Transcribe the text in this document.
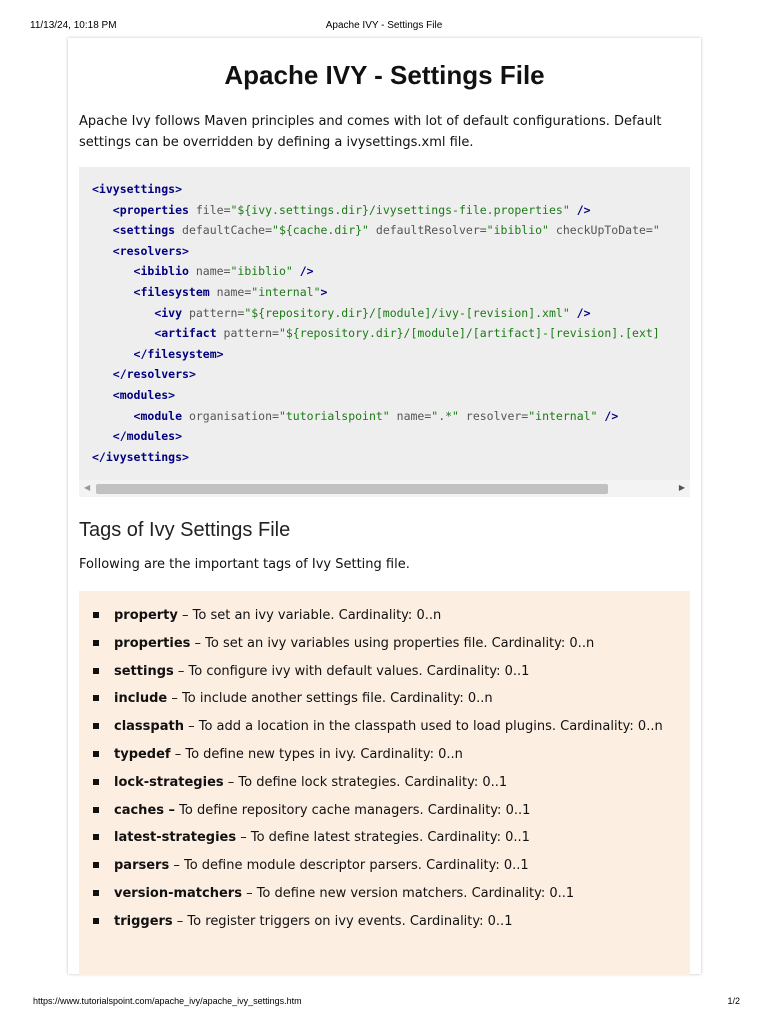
11/13/24, 10:18 PM	Apache IVY - Settings File
Apache IVY - Settings File

Apache Ivy follows Maven principles and comes with lot of default configurations. Default settings can be overridden by defining a ivysettings.xml file.

<ivysettings>
<properties file="${ivy.settings.dir}/ivysettings-file.properties" />
<settings defaultCache="${cache.dir}" defaultResolver="ibiblio" checkUpToDate="
<resolvers>
<ibiblio name="ibiblio" />
<filesystem name="internal">
<ivy pattern="${repository.dir}/[module]/ivy-[revision].xml" />
<artifact pattern="${repository.dir}/[module]/[artifact]-[revision].[ext]
</filesystem>
</resolvers>
<modules>
<module organisation="tutorialspoint" name=".*" resolver="internal" />
</modules>
</ivysettings>
◀	▶
Tags of Ivy Settings File

Following are the important tags of Ivy Setting file.

property – To set an ivy variable. Cardinality: 0..n
properties – To set an ivy variables using properties file. Cardinality: 0..n
settings – To configure ivy with default values. Cardinality: 0..1
include – To include another settings file. Cardinality: 0..n
classpath – To add a location in the classpath used to load plugins. Cardinality: 0..n
typedef – To define new types in ivy. Cardinality: 0..n
lock-strategies – To define lock strategies. Cardinality: 0..1
caches – To define repository cache managers. Cardinality: 0..1
latest-strategies – To define latest strategies. Cardinality: 0..1
parsers – To define module descriptor parsers. Cardinality: 0..1
version-matchers – To define new version matchers. Cardinality: 0..1
triggers – To register triggers on ivy events. Cardinality: 0..1
https://www.tutorialspoint.com/apache_ivy/apache_ivy_settings.htm	1/2
